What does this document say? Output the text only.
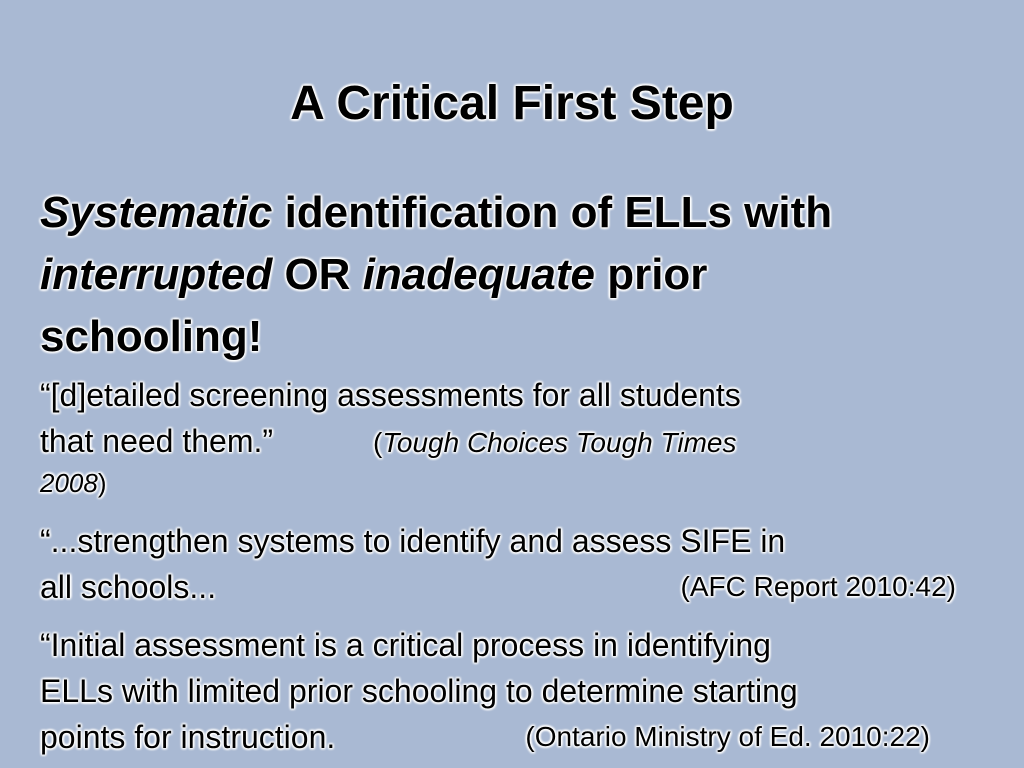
A Critical First Step
Systematic identification of ELLs with
interrupted OR inadequate prior
schooling!
“[d]etailed screening assessments for all students
that need them.”	(Tough Choices Tough Times
2008)
“...strengthen systems to identify and assess SIFE in
all schools...	(AFC Report 2010:42)
“Initial assessment is a critical process in identifying
ELLs with limited prior schooling to determine starting
points for instruction.	(Ontario Ministry of Ed. 2010:22)
